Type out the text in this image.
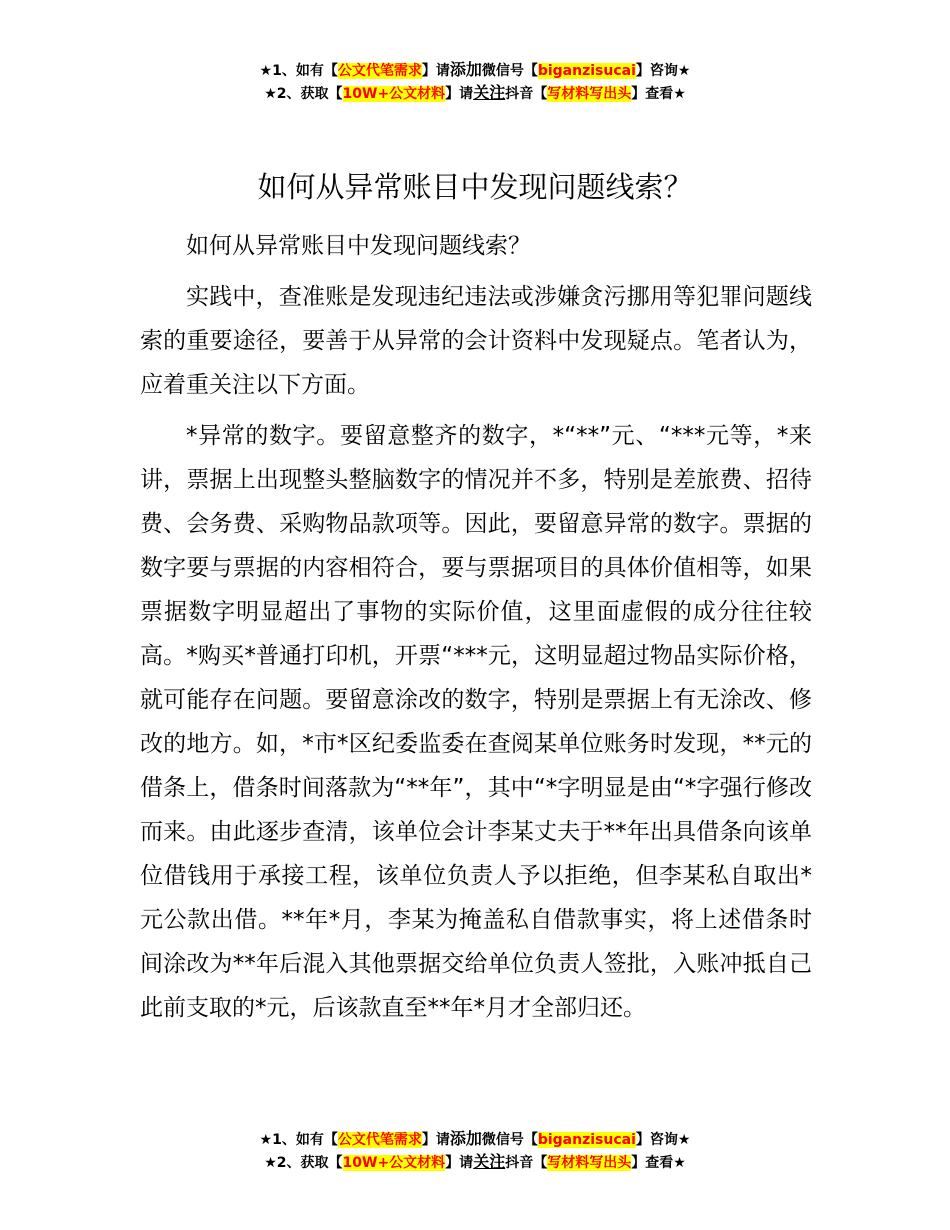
★1、如有【公文代笔需求】请添加微信号【biganzisucai】咨询★
★2、获取【10W+公文材料】请关注抖音【写材料写出头】查看★
如何从异常账目中发现问题线索？

如何从异常账目中发现问题线索？

实践中，查准账是发现违纪违法或涉嫌贪污挪用等犯罪问题线索的重要途径，要善于从异常的会计资料中发现疑点。笔者认为，应着重关注以下方面。

*异常的数字。要留意整齐的数字，*“**”元、“***元等，*来讲，票据上出现整头整脑数字的情况并不多，特别是差旅费、招待费、会务费、采购物品款项等。因此，要留意异常的数字。票据的数字要与票据的内容相符合，要与票据项目的具体价值相等，如果票据数字明显超出了事物的实际价值，这里面虚假的成分往往较高。*购买*普通打印机，开票“***元，这明显超过物品实际价格，就可能存在问题。要留意涂改的数字，特别是票据上有无涂改、修改的地方。如，*市*区纪委监委在查阅某单位账务时发现，**元的借条上，借条时间落款为“**年”，其中“*字明显是由“*字强行修改而来。由此逐步查清，该单位会计李某丈夫于**年出具借条向该单位借钱用于承接工程，该单位负责人予以拒绝，但李某私自取出*元公款出借。**年*月，李某为掩盖私自借款事实，将上述借条时间涂改为**年后混入其他票据交给单位负责人签批，入账冲抵自己此前支取的*元，后该款直至**年*月才全部归还。

★1、如有【公文代笔需求】请添加微信号【biganzisucai】咨询★
★2、获取【10W+公文材料】请关注抖音【写材料写出头】查看★
